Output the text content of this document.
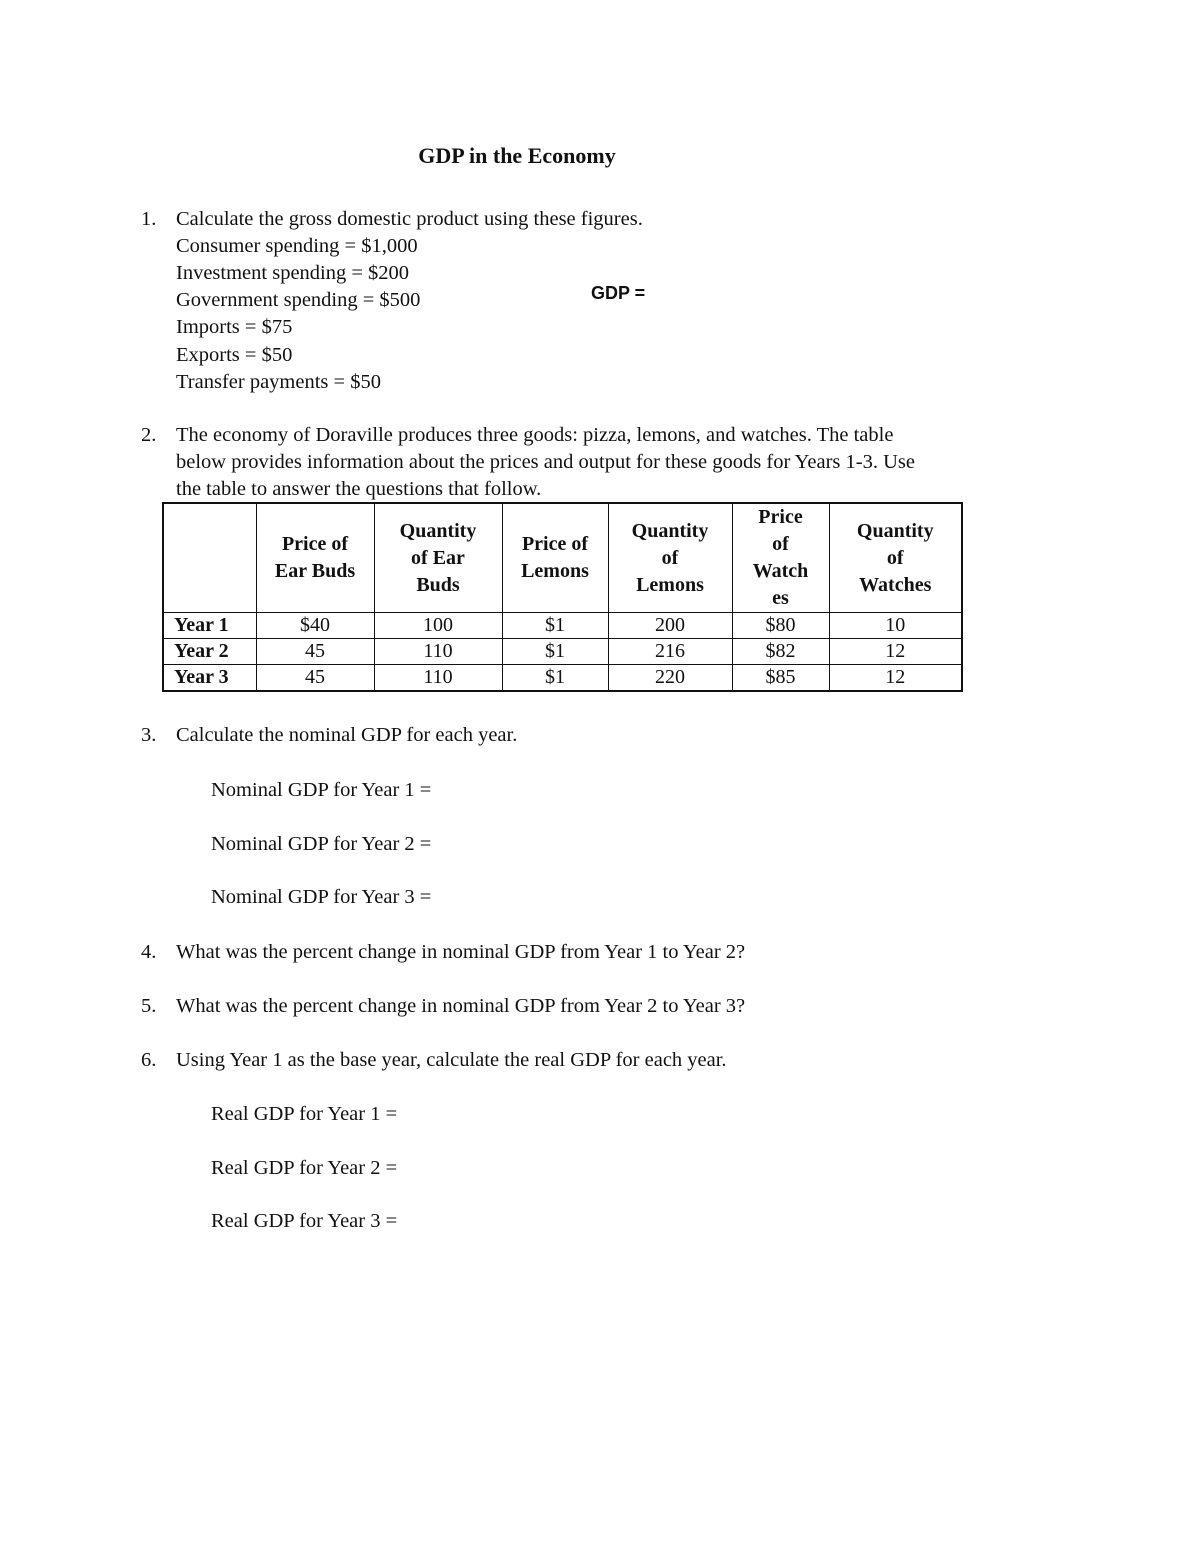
GDP in the Economy
1. Calculate the gross domestic product using these figures.
Consumer spending = $1,000
Investment spending = $200
Government spending = $500
Imports = $75
Exports = $50
Transfer payments = $50
GDP =
2. The economy of Doraville produces three goods: pizza, lemons, and watches. The table
below provides information about the prices and output for these goods for Years 1-3. Use
the table to answer the questions that follow.
	Price of
Ear Buds	Quantity
of Ear
Buds	Price of
Lemons	Quantity
of
Lemons	Price
of
Watch
es	Quantity
of
Watches
Year 1	$40	100	$1	200	$80	10
Year 2	45	110	$1	216	$82	12
Year 3	45	110	$1	220	$85	12
3. Calculate the nominal GDP for each year.
Nominal GDP for Year 1 =
Nominal GDP for Year 2 =
Nominal GDP for Year 3 =
4. What was the percent change in nominal GDP from Year 1 to Year 2?
5. What was the percent change in nominal GDP from Year 2 to Year 3?
6. Using Year 1 as the base year, calculate the real GDP for each year.
Real GDP for Year 1 =
Real GDP for Year 2 =
Real GDP for Year 3 =
